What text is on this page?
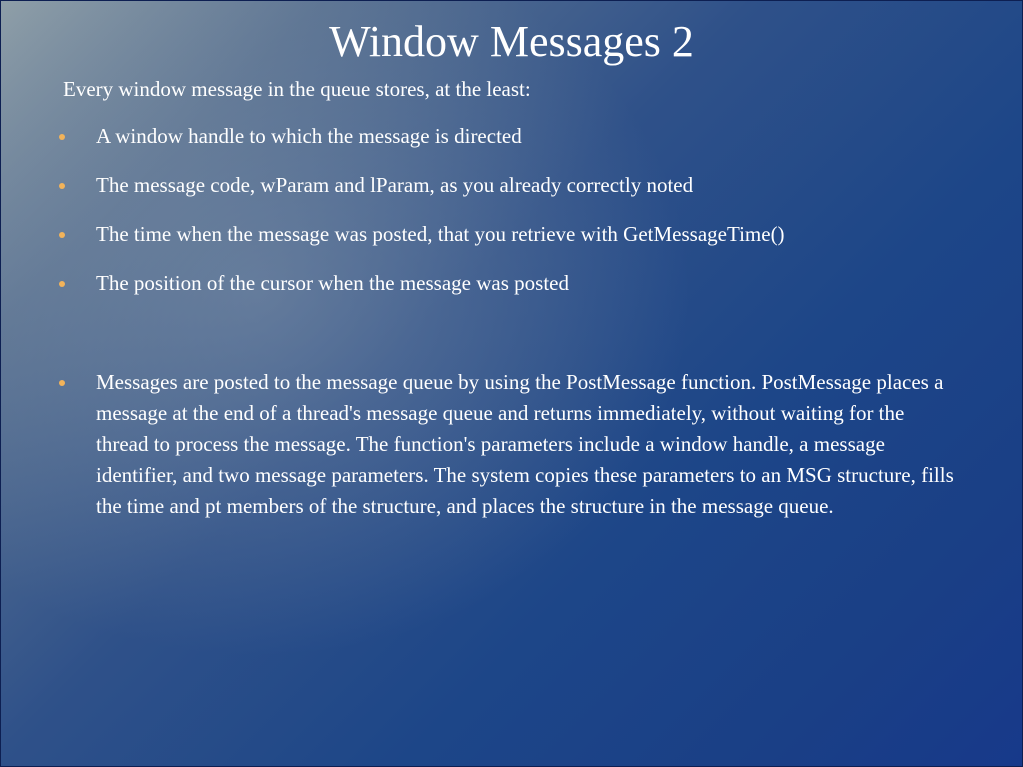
Window Messages 2

Every window message in the queue stores, at the least:

A window handle to which the message is directed
The message code, wParam and lParam, as you already correctly noted
The time when the message was posted, that you retrieve with GetMessageTime()
The position of the cursor when the message was posted
Messages are posted to the message queue by using the PostMessage function. PostMessage places a message at the end of a thread's message queue and returns immediately, without waiting for the thread to process the message. The function's parameters include a window handle, a message identifier, and two message parameters. The system copies these parameters to an MSG structure, fills the time and pt members of the structure, and places the structure in the message queue.
